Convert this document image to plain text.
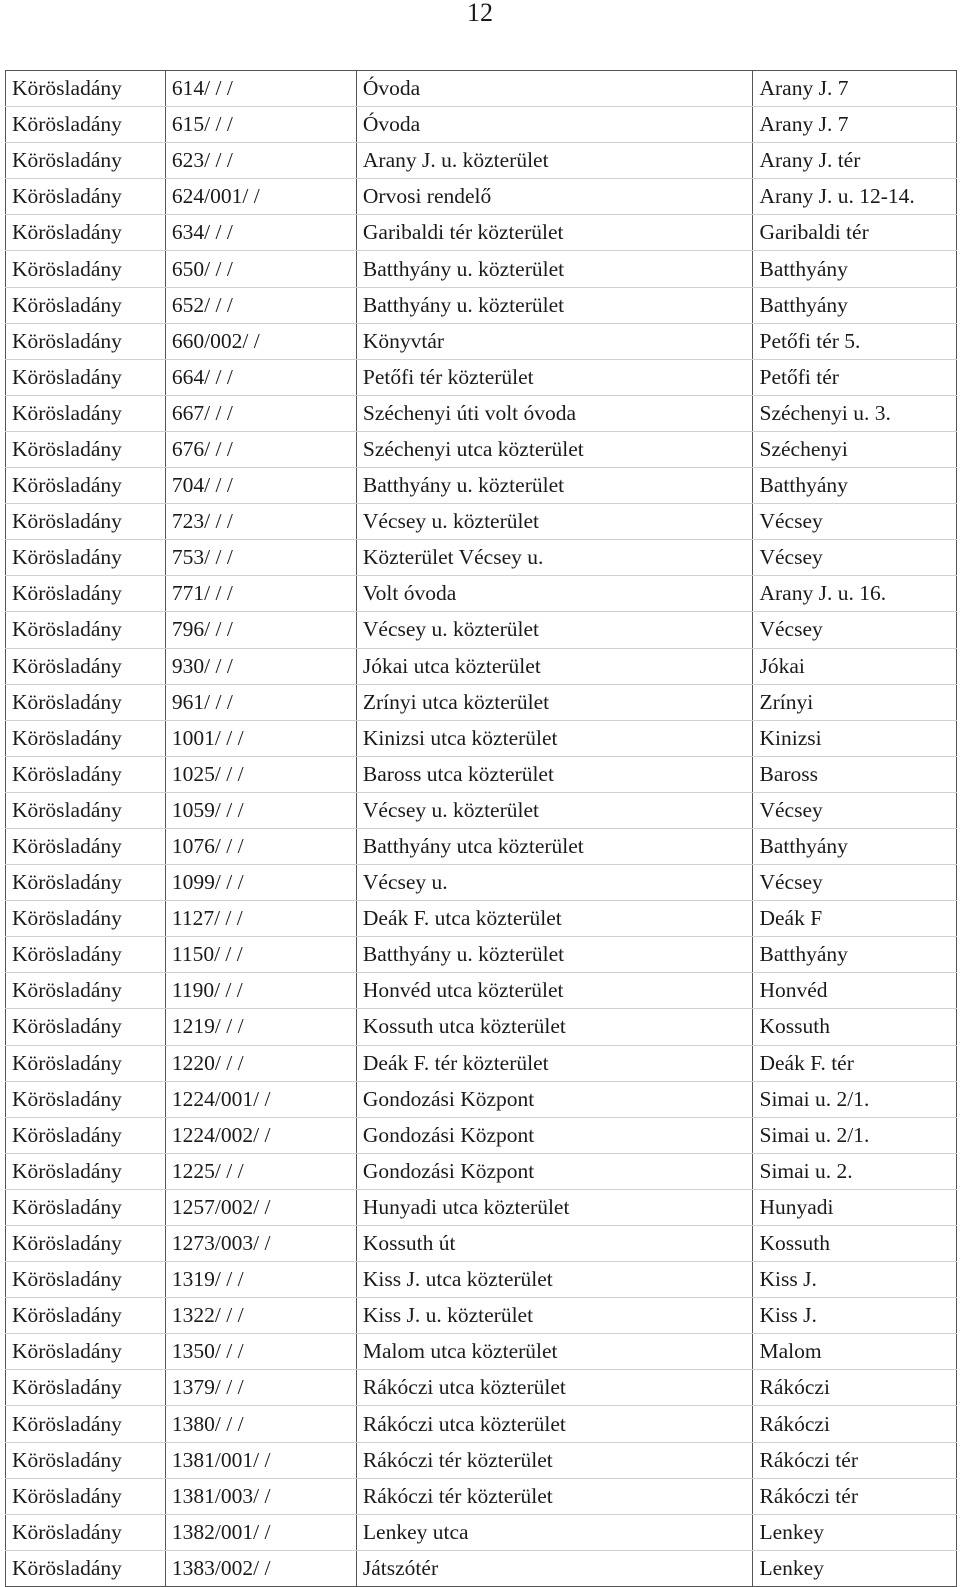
12
Körösladány	614/ / /	Óvoda	Arany J. 7
Körösladány	615/ / /	Óvoda	Arany J. 7
Körösladány	623/ / /	Arany J. u. közterület	Arany J. tér
Körösladány	624/001/ /	Orvosi rendelő	Arany J. u. 12-14.
Körösladány	634/ / /	Garibaldi tér közterület	Garibaldi tér
Körösladány	650/ / /	Batthyány u. közterület	Batthyány
Körösladány	652/ / /	Batthyány u. közterület	Batthyány
Körösladány	660/002/ /	Könyvtár	Petőfi tér 5.
Körösladány	664/ / /	Petőfi tér közterület	Petőfi tér
Körösladány	667/ / /	Széchenyi úti volt óvoda	Széchenyi u. 3.
Körösladány	676/ / /	Széchenyi utca közterület	Széchenyi
Körösladány	704/ / /	Batthyány u. közterület	Batthyány
Körösladány	723/ / /	Vécsey u. közterület	Vécsey
Körösladány	753/ / /	Közterület Vécsey u.	Vécsey
Körösladány	771/ / /	Volt óvoda	Arany J. u. 16.
Körösladány	796/ / /	Vécsey u. közterület	Vécsey
Körösladány	930/ / /	Jókai utca közterület	Jókai
Körösladány	961/ / /	Zrínyi utca közterület	Zrínyi
Körösladány	1001/ / /	Kinizsi utca közterület	Kinizsi
Körösladány	1025/ / /	Baross utca közterület	Baross
Körösladány	1059/ / /	Vécsey u. közterület	Vécsey
Körösladány	1076/ / /	Batthyány utca közterület	Batthyány
Körösladány	1099/ / /	Vécsey u.	Vécsey
Körösladány	1127/ / /	Deák F. utca közterület	Deák F
Körösladány	1150/ / /	Batthyány u. közterület	Batthyány
Körösladány	1190/ / /	Honvéd utca közterület	Honvéd
Körösladány	1219/ / /	Kossuth utca közterület	Kossuth
Körösladány	1220/ / /	Deák F. tér közterület	Deák F. tér
Körösladány	1224/001/ /	Gondozási Központ	Simai u. 2/1.
Körösladány	1224/002/ /	Gondozási Központ	Simai u. 2/1.
Körösladány	1225/ / /	Gondozási Központ	Simai u. 2.
Körösladány	1257/002/ /	Hunyadi utca közterület	Hunyadi
Körösladány	1273/003/ /	Kossuth út	Kossuth
Körösladány	1319/ / /	Kiss J. utca közterület	Kiss J.
Körösladány	1322/ / /	Kiss J. u. közterület	Kiss J.
Körösladány	1350/ / /	Malom utca közterület	Malom
Körösladány	1379/ / /	Rákóczi utca közterület	Rákóczi
Körösladány	1380/ / /	Rákóczi utca közterület	Rákóczi
Körösladány	1381/001/ /	Rákóczi tér közterület	Rákóczi tér
Körösladány	1381/003/ /	Rákóczi tér közterület	Rákóczi tér
Körösladány	1382/001/ /	Lenkey utca	Lenkey
Körösladány	1383/002/ /	Játszótér	Lenkey
